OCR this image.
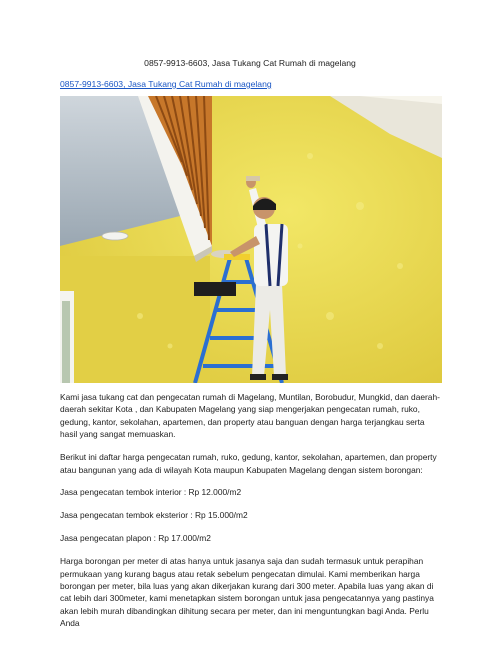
0857-9913-6603, Jasa Tukang Cat Rumah di magelang
0857-9913-6603, Jasa Tukang Cat Rumah di magelang

Kami jasa tukang cat dan pengecatan rumah di Magelang, Muntilan, Borobudur, Mungkid, dan daerah-daerah sekitar Kota , dan Kabupaten Magelang yang siap mengerjakan pengecatan rumah, ruko, gedung, kantor, sekolahan, apartemen, dan property atau banguan dengan harga terjangkau serta hasil yang sangat memuaskan.

Berikut ini daftar harga pengecatan rumah, ruko, gedung, kantor, sekolahan, apartemen, dan property atau bangunan yang ada di wilayah Kota maupun Kabupaten Magelang dengan sistem borongan:

Jasa pengecatan tembok interior : Rp 12.000/m2

Jasa pengecatan tembok eksterior : Rp 15.000/m2

Jasa pengecatan plapon : Rp 17.000/m2

Harga borongan per meter di atas hanya untuk jasanya saja dan sudah termasuk untuk perapihan permukaan yang kurang bagus atau retak sebelum pengecatan dimulai. Kami memberikan harga borongan per meter, bila luas yang akan dikerjakan kurang dari 300 meter. Apabila luas yang akan di cat lebih dari 300meter, kami menetapkan sistem borongan untuk jasa pengecatannya yang pastinya akan lebih murah dibandingkan dihitung secara per meter, dan ini menguntungkan bagi Anda. Perlu Anda
